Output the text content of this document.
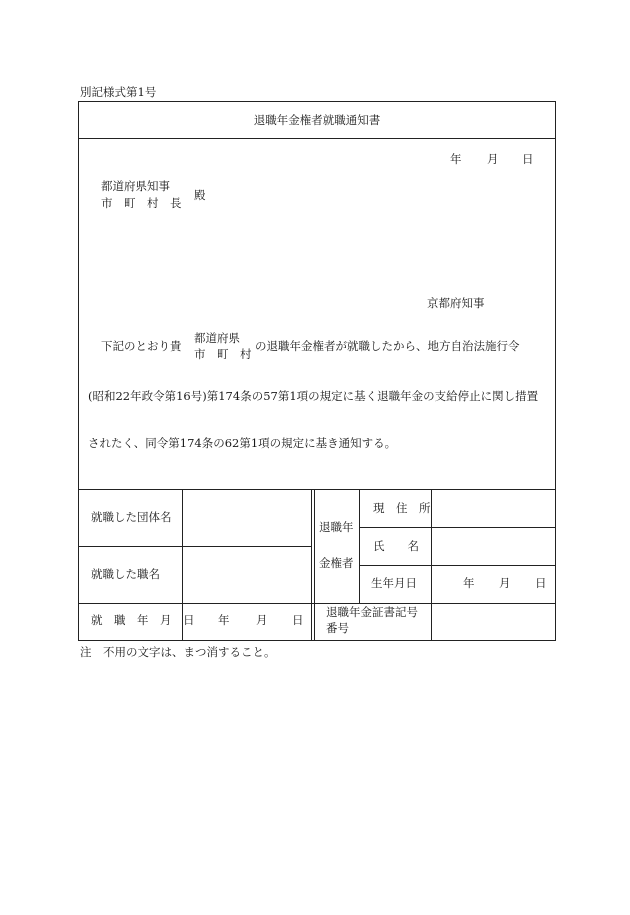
別記様式第1号
退職年金権者就職通知書
年 月 日
都道府県知事
市　町　村　長
殿
京都府知事
下記のとおり貴
都道府県
市　町　村
の退職年金権者が就職したから、地方自治法施行令
(昭和22年政令第16号)第174条の57第1項の規定に基く退職年金の支給停止に関し措置
されたく、同令第174条の62第1項の規定に基き通知する。
就職した団体名
就職した職名
就　職　年　月　日 年 月 日
退職年
金権者
現　住　所
氏　　名
生年月日	年 月 日
退職年金証書記号
番号
注　不用の文字は、まつ消すること。
